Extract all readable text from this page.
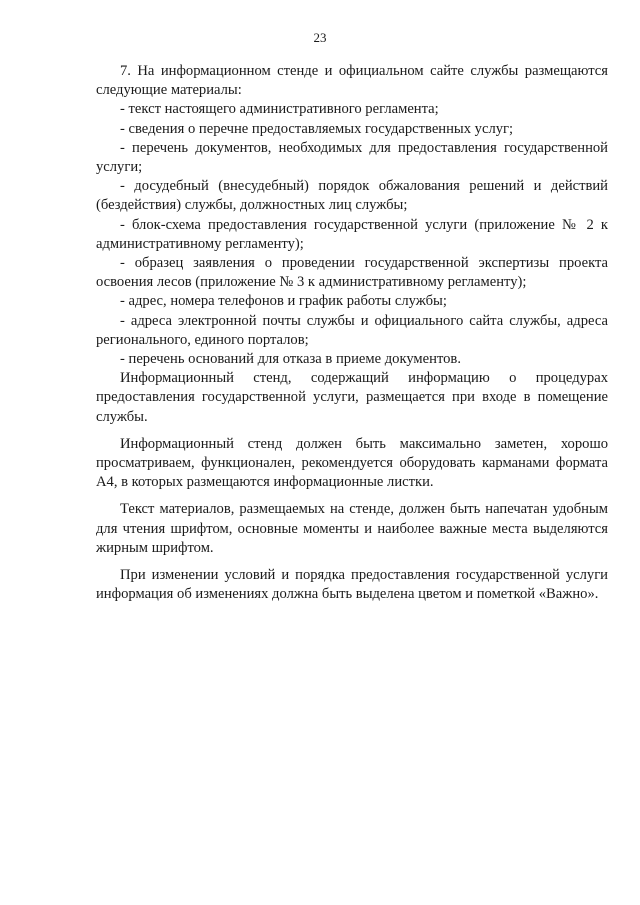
23

7. На информационном стенде и официальном сайте службы размещаются следующие материалы:

- текст настоящего административного регламента;

- сведения о перечне предоставляемых государственных услуг;

- перечень документов, необходимых для предоставления государственной услуги;

- досудебный (внесудебный) порядок обжалования решений и действий (бездействия) службы, должностных лиц службы;

- блок-схема предоставления государственной услуги (приложение № 2 к административному регламенту);

- образец заявления о проведении государственной экспертизы проекта освоения лесов (приложение № 3 к административному регламенту);

- адрес, номера телефонов и график работы службы;

- адреса электронной почты службы и официального сайта службы, адреса регионального, единого порталов;

- перечень оснований для отказа в приеме документов.

Информационный стенд, содержащий информацию о процедурах предоставления государственной услуги, размещается при входе в помещение службы.

Информационный стенд должен быть максимально заметен, хорошо просматриваем, функционален, рекомендуется оборудовать карманами формата А4, в которых размещаются информационные листки.

Текст материалов, размещаемых на стенде, должен быть напечатан удобным для чтения шрифтом, основные моменты и наиболее важные места выделяются жирным шрифтом.

При изменении условий и порядка предоставления государственной услуги информация об изменениях должна быть выделена цветом и пометкой «Важно».
